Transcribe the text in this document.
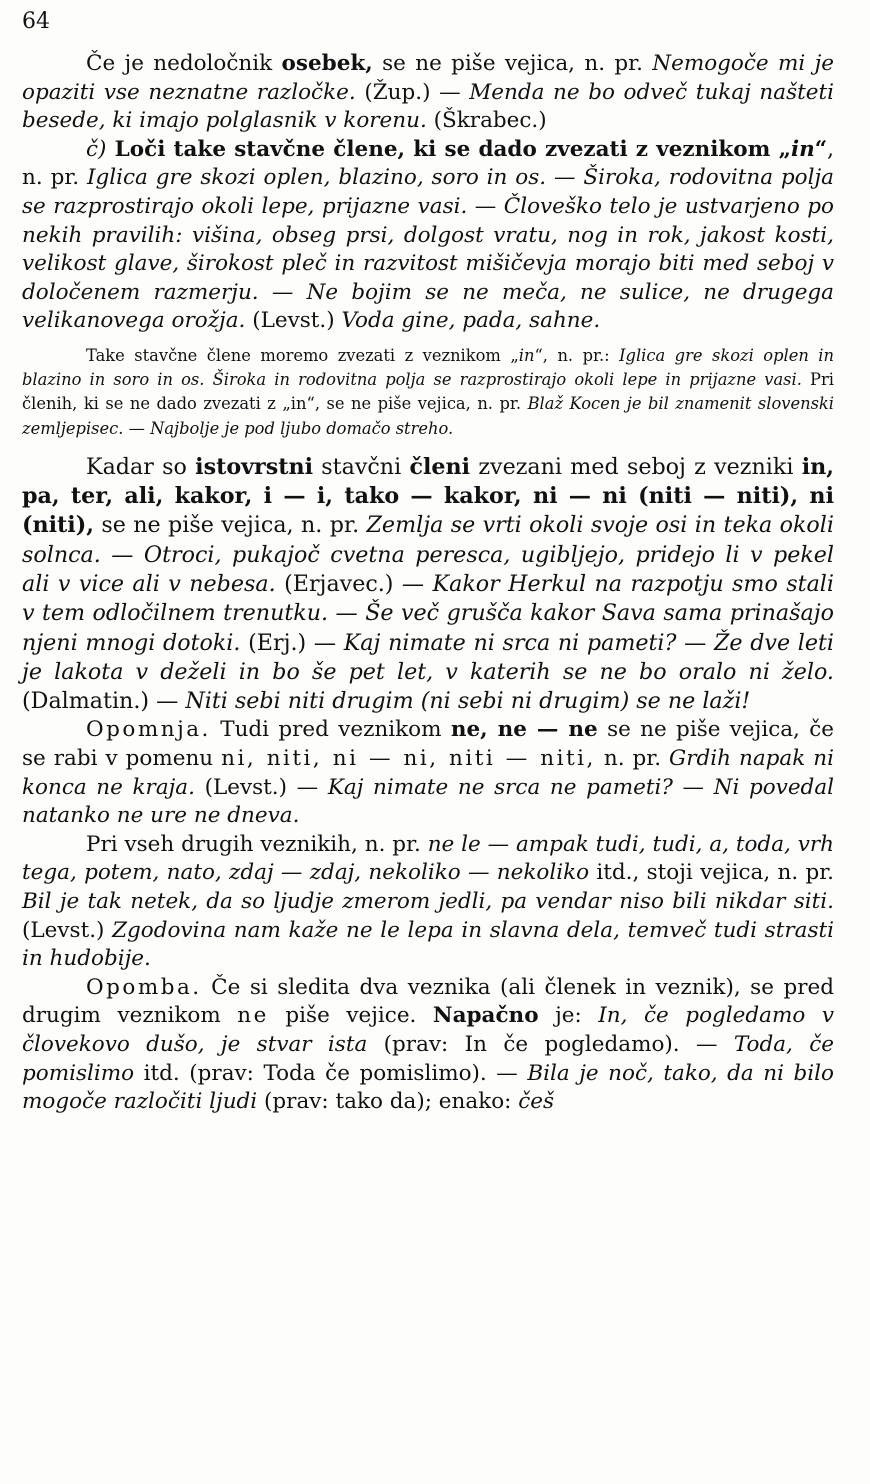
64

Če je nedoločnik osebek, se ne piše vejica, n. pr. Nemogoče mi je opaziti vse neznatne razločke. (Žup.) — Menda ne bo odveč tukaj našteti besede, ki imajo polglasnik v korenu. (Škrabec.)

č) Loči take stavčne člene, ki se dado zvezati z veznikom „in“, n. pr. Iglica gre skozi oplen, blazino, soro in os. — Široka, rodovitna polja se razprostirajo okoli lepe, prijazne vasi. — Človeško telo je ustvarjeno po nekih pravilih: višina, obseg prsi, dolgost vratu, nog in rok, jakost kosti, velikost glave, širokost pleč in razvitost mišičevja morajo biti med seboj v določenem razmerju. — Ne bojim se ne meča, ne sulice, ne drugega velikanovega orožja. (Levst.) Voda gine, pada, sahne.

Take stavčne člene moremo zvezati z veznikom „in“, n. pr.: Iglica gre skozi oplen in blazino in soro in os. Široka in rodovitna polja se razprostirajo okoli lepe in prijazne vasi. Pri členih, ki se ne dado zvezati z „in“, se ne piše vejica, n. pr. Blaž Kocen je bil znamenit slovenski zemljepisec. — Najbolje je pod ljubo domačo streho.

Kadar so istovrstni stavčni členi zvezani med seboj z vezniki in, pa, ter, ali, kakor, i — i, tako — kakor, ni — ni (niti — niti), ni (niti), se ne piše vejica, n. pr. Zemlja se vrti okoli svoje osi in teka okoli solnca. — Otroci, pukajoč cvetna peresca, ugibljejo, pridejo li v pekel ali v vice ali v nebesa. (Erjavec.) — Kakor Herkul na razpotju smo stali v tem odločilnem trenutku. — Še več grušča kakor Sava sama prinašajo njeni mnogi dotoki. (Erj.) — Kaj nimate ni srca ni pameti? — Že dve leti je lakota v deželi in bo še pet let, v katerih se ne bo oralo ni želo. (Dalmatin.) — Niti sebi niti drugim (ni sebi ni drugim) se ne laži!

Opomnja. Tudi pred veznikom ne, ne — ne se ne piše vejica, če se rabi v pomenu ni, niti, ni — ni, niti — niti, n. pr. Grdih napak ni konca ne kraja. (Levst.) — Kaj nimate ne srca ne pameti? — Ni povedal natanko ne ure ne dneva.

Pri vseh drugih veznikih, n. pr. ne le — ampak tudi, tudi, a, toda, vrh tega, potem, nato, zdaj — zdaj, nekoliko — nekoliko itd., stoji vejica, n. pr. Bil je tak netek, da so ljudje zmerom jedli, pa vendar niso bili nikdar siti. (Levst.) Zgodovina nam kaže ne le lepa in slavna dela, temveč tudi strasti in hudobije.

Opomba. Če si sledita dva veznika (ali členek in veznik), se pred drugim veznikom ne piše vejice. Napačno je: In, če pogledamo v človekovo dušo, je stvar ista (prav: In če pogledamo). — Toda, če pomislimo itd. (prav: Toda če pomislimo). — Bila je noč, tako, da ni bilo mogoče razločiti ljudi (prav: tako da); enako: češ
